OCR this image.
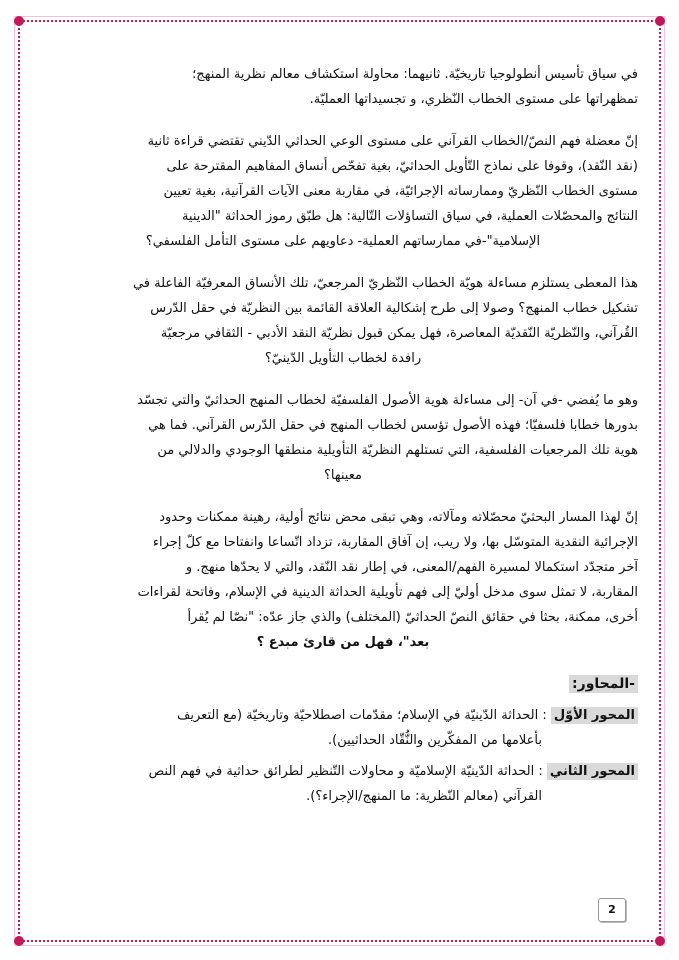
في سياق تأسيس أنطولوجيا تاريخيّة. ثانيهما: محاولة استكشاف معالم نظرية المنهج؛
تمظهراتها على مستوى الخطاب النّظري، و تجسيداتها العمليّة.
إنّ معضلة فهم النصّ/الخطاب القرآني على مستوى الوعي الحداثي الدّيني تقتضي قراءة ثانية
(نقد النّقد)، وقوفا على نماذج التّأويل الحداثيّ، بغية تفحّص أنساق المفاهيم المقترحة على
مستوى الخطاب النّظريّ وممارساته الإجرائيّة، في مقاربة معنى الآيات القرآنية، بغية تعيين
النتائج والمحصّلات العملية، في سياق التساؤلات التّالية: هل طبّق رموز الحداثة "الدينية
الإسلامية"-في ممارساتهم العملية- دعاويهم على مستوى التأمل الفلسفي؟
هذا المعطى يستلزم مساءلة هويّة الخطاب النّظريّ المرجعيّ، تلك الأنساق المعرفيّة الفاعلة في
تشكيل خطاب المنهج؟ وصولا إلى طرح إشكالية العلاقة القائمة بين النظريّة في حقل الدّرس
القُرآني، والنّظريّة النّقديّة المعاصرة، فهل يمكن قبول نظريّة النقد الأدبي - الثقافي مرجعيّة
رافدة لخطاب التأويل الدّينيّ؟
وهو ما يُفضي -في آن- إلى مساءلة هوية الأصول الفلسفيّة لخطاب المنهج الحداثيّ والتي تجسّد
بدورها خطابا فلسفيّا؛ فهذه الأصول تؤسس لخطاب المنهج في حقل الدّرس القرآني. فما هي
هوية تلك المرجعيات الفلسفية، التي تستلهم النظريّة التأويلية منطقها الوجودي والدلالي من
معينها؟
إنّ لهذا المسار البحثيّ محصّلاته ومآلاته، وهي تبقى محض نتائج أولية، رهينة ممكنات وحدود
الإجرائية النقدية المتوسّل بها، ولا ريب، إن آفاق المقاربة، تزداد اتّساعا وانفتاحا مع كلّ إجراء
آخر متجدّد استكمالا لمسيرة الفهم/المعنى، في إطار نقد النّقد، والتي لا يحدّها منهج. و
المقاربة، لا تمثل سوى مدخل أوليّ إلى فهم تأويلية الحداثة الدينية في الإسلام، وفاتحة لقراءات
أخرى، ممكنة، بحثا في حقائق النصّ الحداثيّ (المختلف) والذي جاز عدّه: "نصّا لم يُقرأ
بعد"، فهل من قارئ مبدع ؟
-المحاور:
المحور الأوّل : الحداثة الدّينيّة في الإسلام؛ مقدّمات اصطلاحيّة وتاريخيّة (مع التعريف
بأعلامها من المفكّرين والنُّقّاد الحداثيين).
المحور الثاني : الحداثة الدّينيّة الإسلاميّة و محاولات التّنظير لطرائق حداثية في فهم النص
القرآني (معالم النّظرية: ما المنهج/الإجراء؟).
2
